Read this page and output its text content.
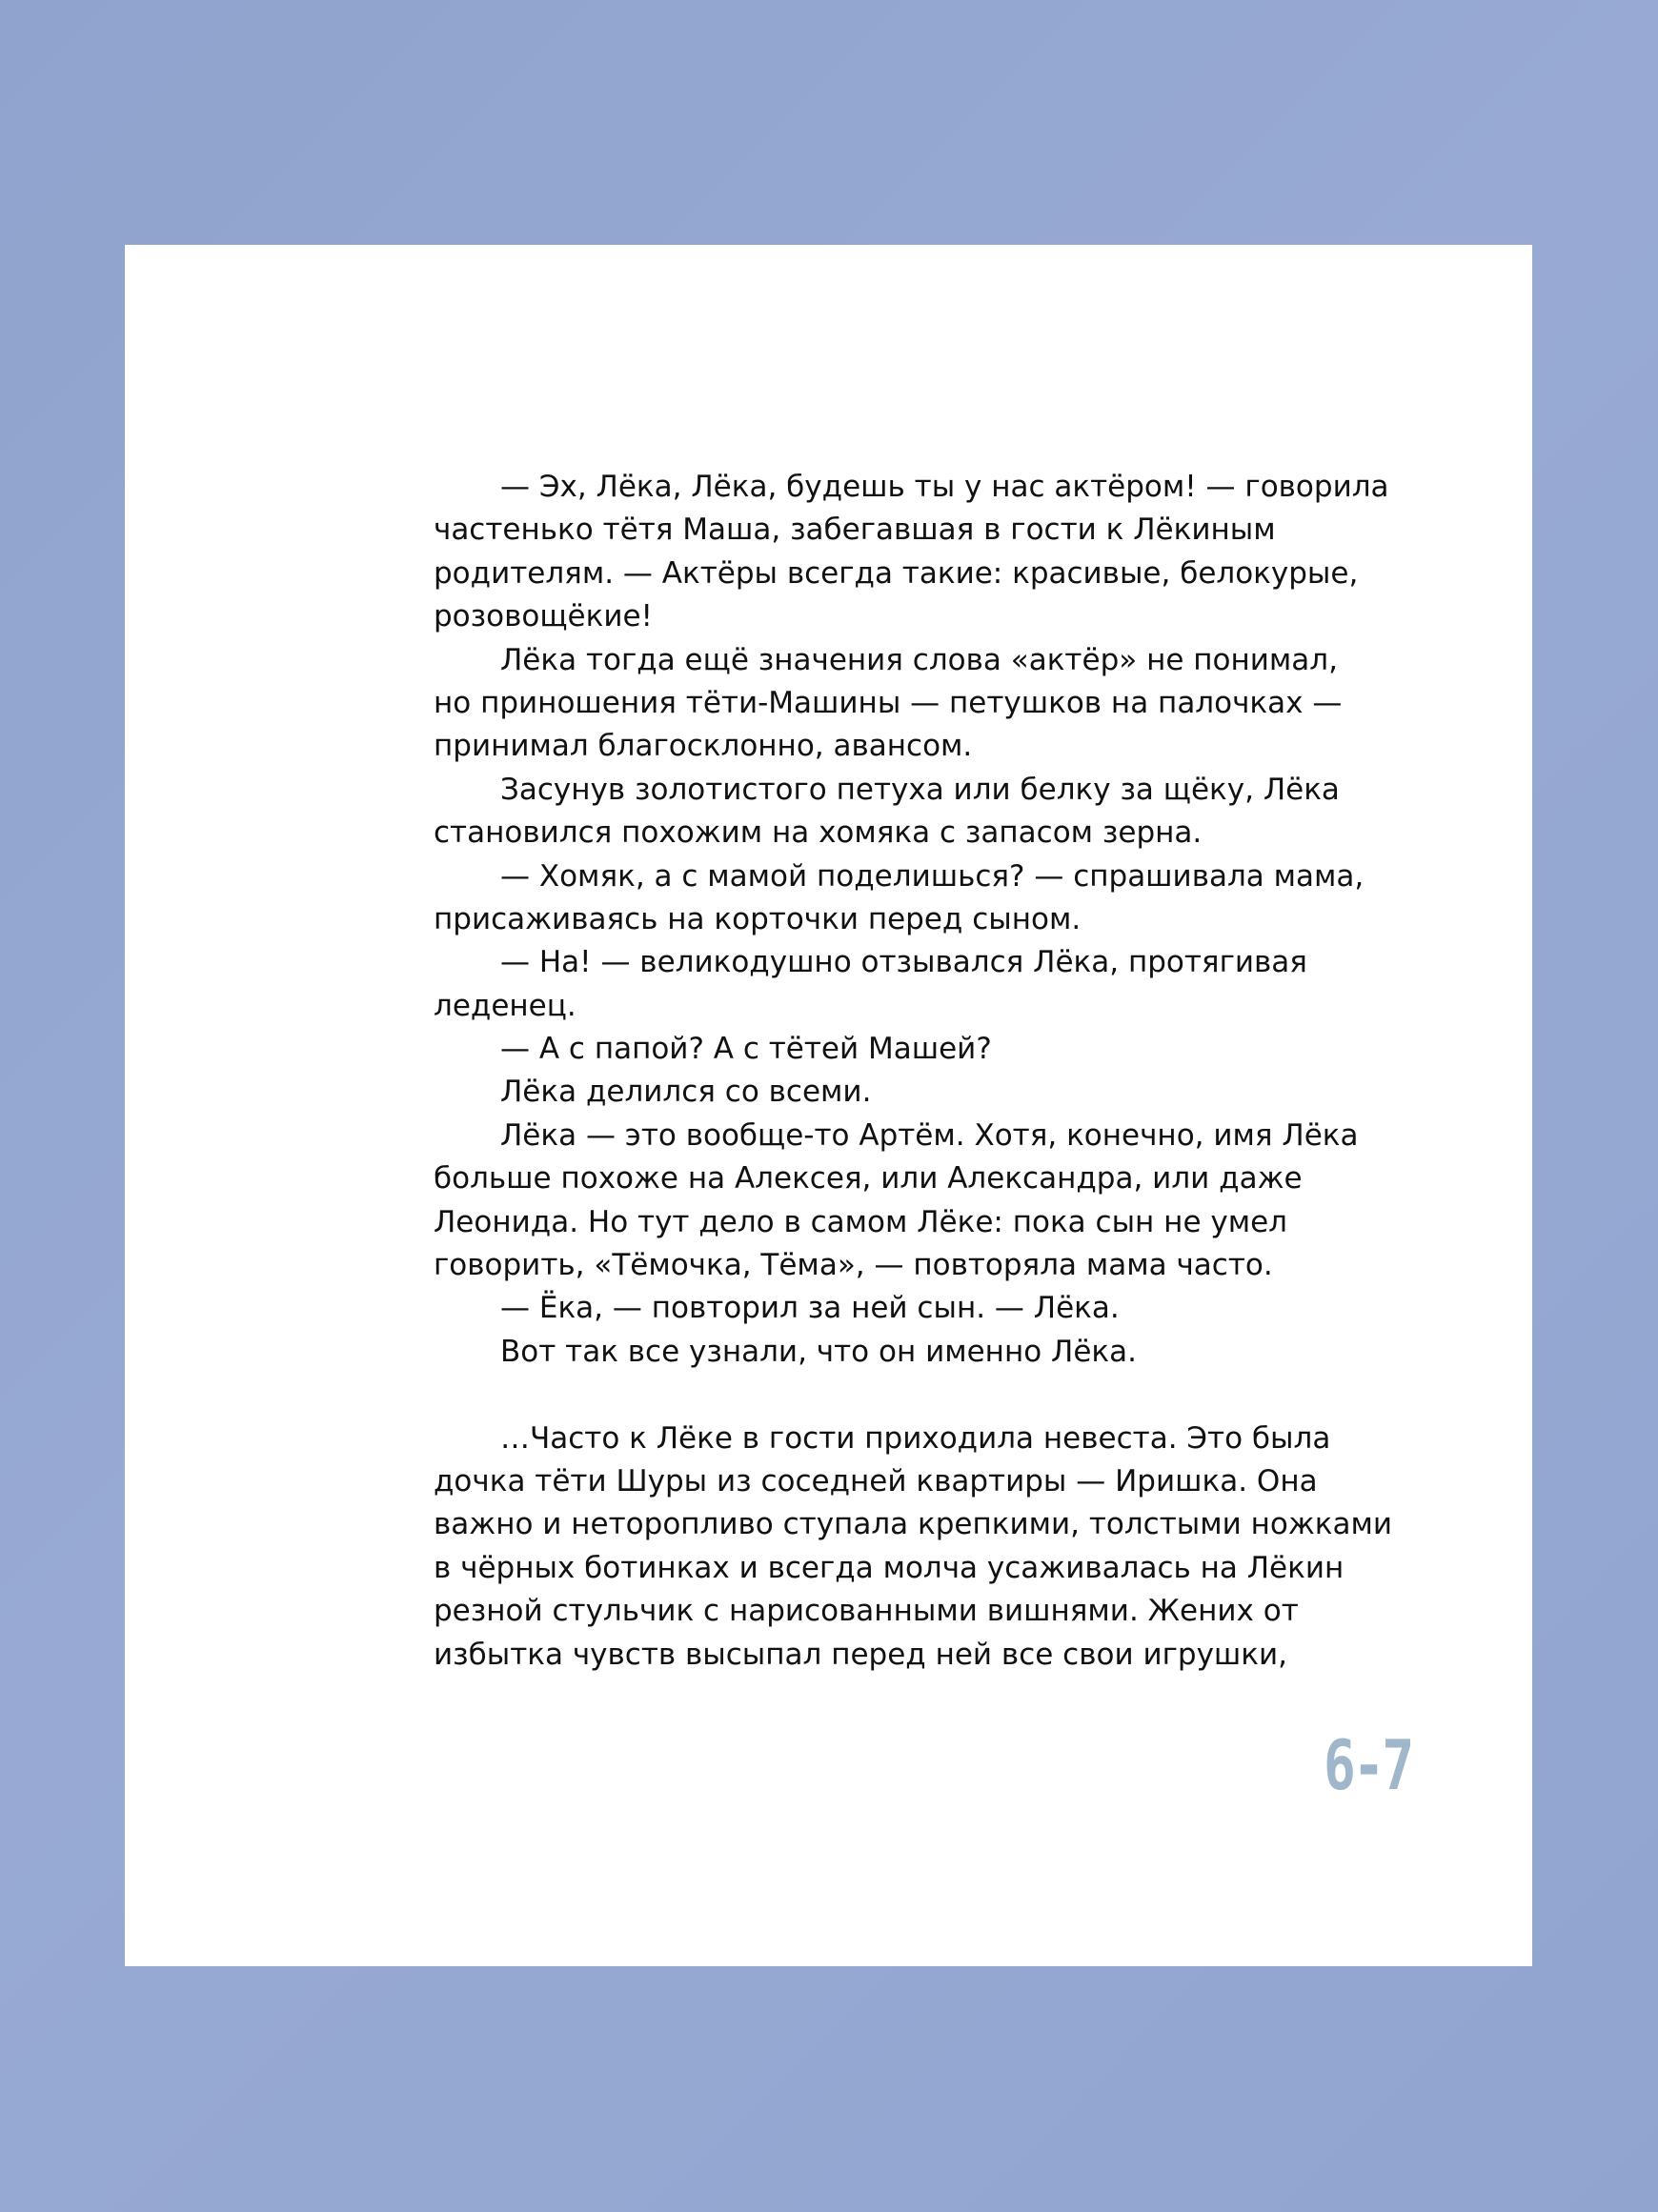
— Эх, Лёка, Лёка, будешь ты у нас актёром! — говорила
частенько тётя Маша, забегавшая в гости к Лёкиным
родителям. — Актёры всегда такие: красивые, белокурые,
розовощёкие!
Лёка тогда ещё значения слова «актёр» не понимал,
но приношения тёти-Машины — петушков на палочках —
принимал благосклонно, авансом.
Засунув золотистого петуха или белку за щёку, Лёка
становился похожим на хомяка с запасом зерна.
— Хомяк, а с мамой поделишься? — спрашивала мама,
присаживаясь на корточки перед сыном.
— На! — великодушно отзывался Лёка, протягивая
леденец.
— А с папой? А с тётей Машей?
Лёка делился со всеми.
Лёка — это вообще-то Артём. Хотя, конечно, имя Лёка
больше похоже на Алексея, или Александра, или даже
Леонида. Но тут дело в самом Лёке: пока сын не умел
говорить, «Тёмочка, Тёма», — повторяла мама часто.
— Ёка, — повторил за ней сын. — Лёка.
Вот так все узнали, что он именно Лёка.
…Часто к Лёке в гости приходила невеста. Это была
дочка тёти Шуры из соседней квартиры — Иришка. Она
важно и неторопливо ступала крепкими, толстыми ножками
в чёрных ботинках и всегда молча усаживалась на Лёкин
резной стульчик с нарисованными вишнями. Жених от
избытка чувств высыпал перед ней все свои игрушки,
6-7
